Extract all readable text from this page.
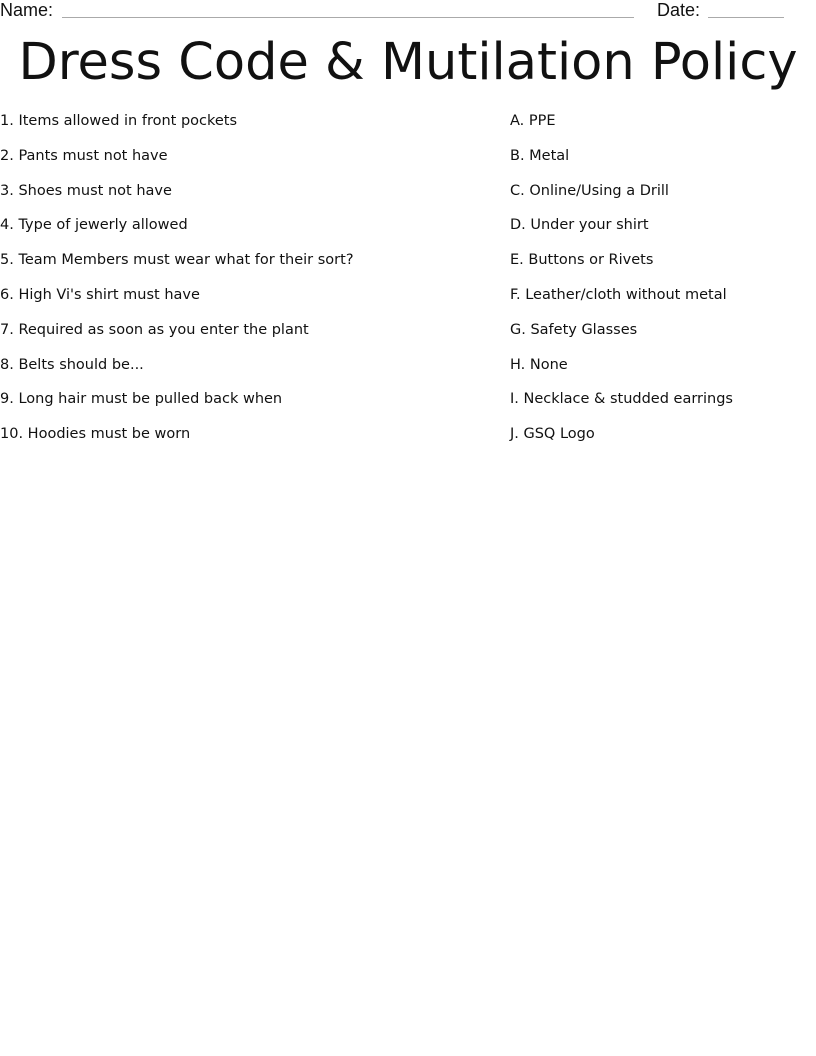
Name:	Date:
Dress Code & Mutilation Policy
1. Items allowed in front pockets
2. Pants must not have
3. Shoes must not have
4. Type of jewerly allowed
5. Team Members must wear what for their sort?
6. High Vi's shirt must have
7. Required as soon as you enter the plant
8. Belts should be...
9. Long hair must be pulled back when
10. Hoodies must be worn
A. PPE
B. Metal
C. Online/Using a Drill
D. Under your shirt
E. Buttons or Rivets
F. Leather/cloth without metal
G. Safety Glasses
H. None
I. Necklace & studded earrings
J. GSQ Logo
